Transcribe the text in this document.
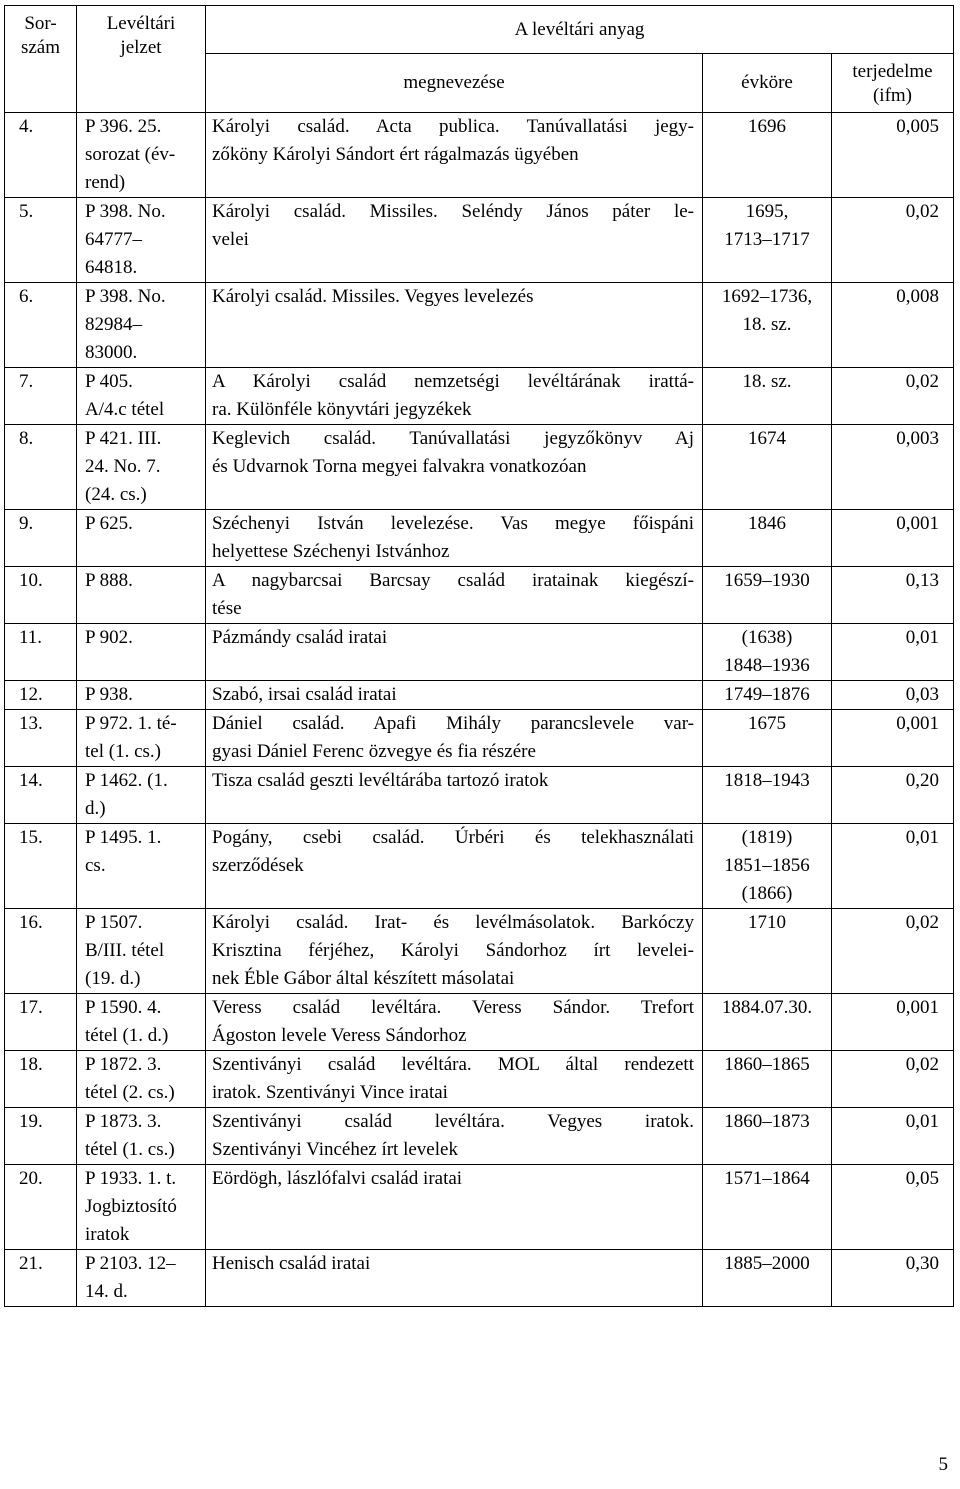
Sor-
szám	Levéltári
jelzet	A levéltári anyag		
		megnevezése	évköre	terjedelme
(ifm)

4.	P 396. 25.
sorozat (év-
rend)	Károlyi család. Acta publica. Tanúvallatási jegy-
zőköny Károlyi Sándort ért rágalmazás ügyében	1696	0,005

5.	P 398. No.
64777–
64818.	Károlyi család. Missiles. Seléndy János páter le-
velei	1695,
1713–1717	0,02

6.	P 398. No.
82984–
83000.	Károlyi család. Missiles. Vegyes levelezés	1692–1736,
18. sz.	0,008

7.	P 405.
A/4.c tétel	A Károlyi család nemzetségi levéltárának irattá-
ra. Különféle könyvtári jegyzékek	18. sz.	0,02

8.	P 421. III.
24. No. 7.
(24. cs.)	Keglevich család. Tanúvallatási jegyzőkönyv Aj
és Udvarnok Torna megyei falvakra vonatkozóan	1674	0,003

9.	P 625.	Széchenyi István levelezése. Vas megye főispáni
helyettese Széchenyi Istvánhoz	1846	0,001

10.	P 888.	A nagybarcsai Barcsay család iratainak kiegészí-
tése	1659–1930	0,13

11.	P 902.	Pázmándy család iratai	(1638)
1848–1936	0,01

12.	P 938.	Szabó, irsai család iratai	1749–1876	0,03

13.	P 972. 1. té-
tel (1. cs.)	Dániel család. Apafi Mihály parancslevele var-
gyasi Dániel Ferenc özvegye és fia részére	1675	0,001

14.	P 1462. (1.
d.)	Tisza család geszti levéltárába tartozó iratok	1818–1943	0,20

15.	P 1495. 1.
cs.	Pogány, csebi család. Úrbéri és telekhasználati
szerződések	(1819)
1851–1856
(1866)	0,01

16.	P 1507.
B/III. tétel
(19. d.)	Károlyi család. Irat- és levélmásolatok. Barkóczy
Krisztina férjéhez, Károlyi Sándorhoz írt levelei-
nek Éble Gábor által készített másolatai	1710	0,02

17.	P 1590. 4.
tétel (1. d.)	Veress család levéltára. Veress Sándor. Trefort
Ágoston levele Veress Sándorhoz	1884.07.30.	0,001

18.	P 1872. 3.
tétel (2. cs.)	Szentiványi család levéltára. MOL által rendezett
iratok. Szentiványi Vince iratai	1860–1865	0,02

19.	P 1873. 3.
tétel (1. cs.)	Szentiványi család levéltára. Vegyes iratok.
Szentiványi Vincéhez írt levelek	1860–1873	0,01

20.	P 1933. 1. t.
Jogbiztosító
iratok	Eördögh, lászlófalvi család iratai	1571–1864	0,05

21.	P 2103. 12–
14. d.	Henisch család iratai	1885–2000	0,30
5
